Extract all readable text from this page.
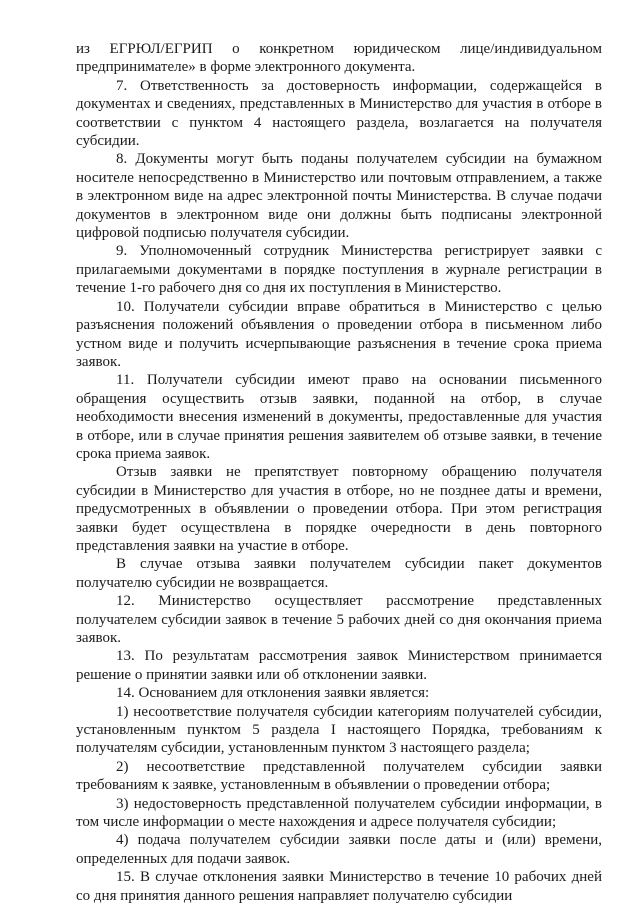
из ЕГРЮЛ/ЕГРИП о конкретном юридическом лице/индивидуальном предпринимателе» в форме электронного документа.

7. Ответственность за достоверность информации, содержащейся в документах и сведениях, представленных в Министерство для участия в отборе в соответствии с пунктом 4 настоящего раздела, возлагается на получателя субсидии.

8. Документы могут быть поданы получателем субсидии на бумажном носителе непосредственно в Министерство или почтовым отправлением, а также в электронном виде на адрес электронной почты Министерства. В случае подачи документов в электронном виде они должны быть подписаны электронной цифровой подписью получателя субсидии.

9. Уполномоченный сотрудник Министерства регистрирует заявки с прилагаемыми документами в порядке поступления в журнале регистрации в течение 1-го рабочего дня со дня их поступления в Министерство.

10. Получатели субсидии вправе обратиться в Министерство с целью разъяснения положений объявления о проведении отбора в письменном либо устном виде и получить исчерпывающие разъяснения в течение срока приема заявок.

11. Получатели субсидии имеют право на основании письменного обращения осуществить отзыв заявки, поданной на отбор, в случае необходимости внесения изменений в документы, предоставленные для участия в отборе, или в случае принятия решения заявителем об отзыве заявки, в течение срока приема заявок.

Отзыв заявки не препятствует повторному обращению получателя субсидии в Министерство для участия в отборе, но не позднее даты и времени, предусмотренных в объявлении о проведении отбора. При этом регистрация заявки будет осуществлена в порядке очередности в день повторного представления заявки на участие в отборе.

В случае отзыва заявки получателем субсидии пакет документов получателю субсидии не возвращается.

12. Министерство осуществляет рассмотрение представленных получателем субсидии заявок в течение 5 рабочих дней со дня окончания приема заявок.

13. По результатам рассмотрения заявок Министерством принимается решение о принятии заявки или об отклонении заявки.

14. Основанием для отклонения заявки является:

1) несоответствие получателя субсидии категориям получателей субсидии, установленным пунктом 5 раздела I настоящего Порядка, требованиям к получателям субсидии, установленным пунктом 3 настоящего раздела;

2) несоответствие представленной получателем субсидии заявки требованиям к заявке, установленным в объявлении о проведении отбора;

3) недостоверность представленной получателем субсидии информации, в том числе информации о месте нахождения и адресе получателя субсидии;

4) подача получателем субсидии заявки после даты и (или) времени, определенных для подачи заявок.

15. В случае отклонения заявки Министерство в течение 10 рабочих дней со дня принятия данного решения направляет получателю субсидии
